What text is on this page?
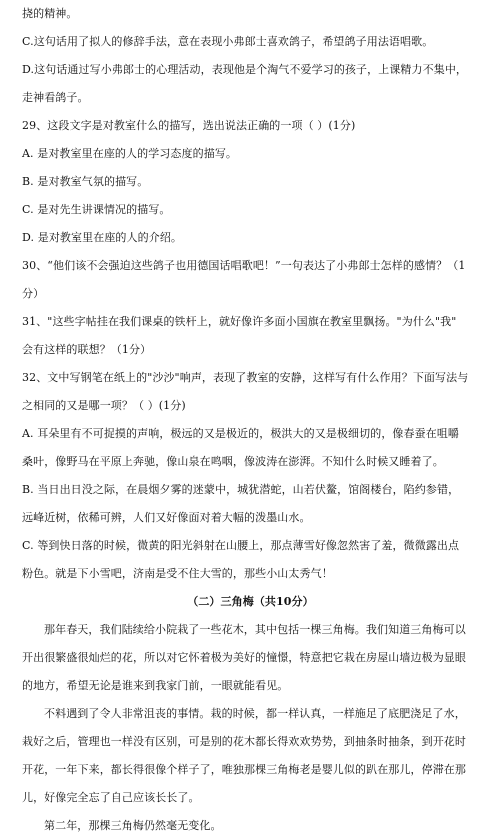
挠的精神。
C.这句话用了拟人的修辞手法，意在表现小弗郎士喜欢鸽子，希望鸽子用法语唱歌。
D.这句话通过写小弗郎士的心理活动，表现他是个淘气不爱学习的孩子，上课精力不集中，
走神看鸽子。
29、这段文字是对教室什么的描写，选出说法正确的一项（ ）(1分)
A. 是对教室里在座的人的学习态度的描写。
B. 是对教室气氛的描写。
C. 是对先生讲课情况的描写。
D. 是对教室里在座的人的介绍。
30、“他们该不会强迫这些鸽子也用德国话唱歌吧！”一句表达了小弗郎士怎样的感情？（1
分）
31、"这些字帖挂在我们课桌的铁杆上，就好像许多面小国旗在教室里飘扬。"为什么"我"
会有这样的联想？（1分）
32、文中写钢笔在纸上的"沙沙"响声，表现了教室的安静，这样写有什么作用？下面写法与
之相同的又是哪一项？（ ）(1分)
A. 耳朵里有不可捉摸的声响，极远的又是极近的，极洪大的又是极细切的，像春蚕在咀嚼
桑叶，像野马在平原上奔驰，像山泉在鸣咽，像波涛在澎湃。不知什么时候又睡着了。
B. 当日出日没之际，在晨烟夕雾的迷蒙中，城犹潜蛇，山若伏鳌，馆阁楼台，陷约参错，
远峰近树，依稀可辨，人们又好像面对着大幅的泼墨山水。
C. 等到快日落的时候，微黄的阳光斜射在山腰上，那点薄雪好像忽然害了羞，微微露出点
粉色。就是下小雪吧，济南是受不住大雪的，那些小山太秀气！
（二）三角梅（共10分）
那年春天，我们陆续给小院栽了一些花木，其中包括一棵三角梅。我们知道三角梅可以
开出很繁盛很灿烂的花，所以对它怀着极为美好的憧憬，特意把它栽在房屋山墙边极为显眼
的地方，希望无论是谁来到我家门前，一眼就能看见。
不料遇到了令人非常沮丧的事情。栽的时候，都一样认真，一样施足了底肥浇足了水，
栽好之后，管理也一样没有区别，可是别的花木都长得欢欢势势，到抽条时抽条，到开花时
开花，一年下来，都长得很像个样子了，唯独那棵三角梅老是婴儿似的趴在那儿，停滞在那
儿，好像完全忘了自己应该长长了。
第二年，那棵三角梅仍然毫无变化。
